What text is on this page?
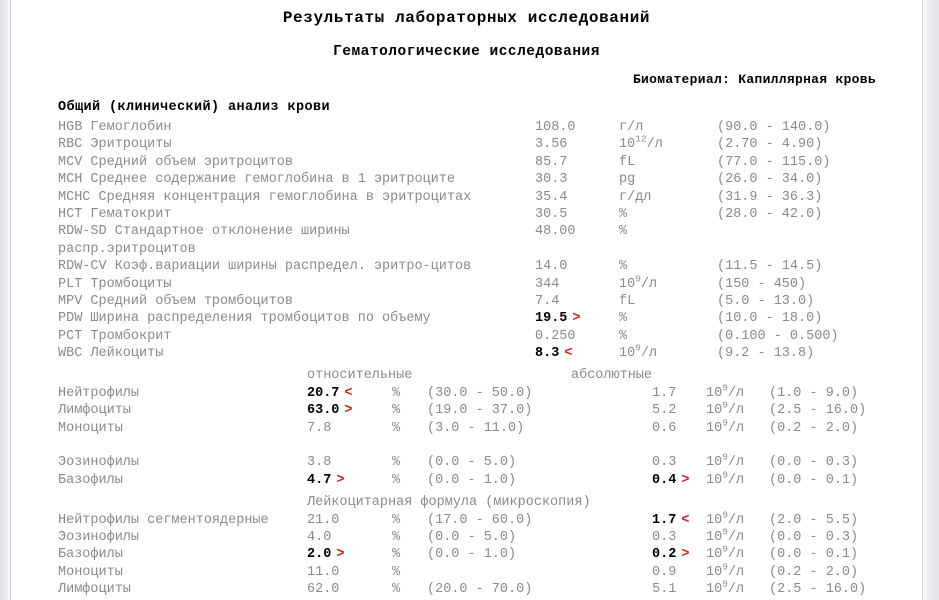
Результаты лабораторных исследований
Гематологические исследования
Биоматериал: Капиллярная кровь
Общий (клинический) анализ крови
HGB Гемоглобин	108.0	г/л	(90.0 - 140.0)
RBC Эритроциты	3.56	$10^{12}/л$	(2.70 - 4.90)
MCV Средний объем эритроцитов	85.7	fL	(77.0 - 115.0)
MCH Среднее содержание гемоглобина в 1 эритроците	30.3	pg	(26.0 - 34.0)
MCHC Средняя концентрация гемоглобина в эритроцитах	35.4	г/дл	(31.9 - 36.3)
HCT Гематокрит	30.5	%	(28.0 - 42.0)
RDW-SD Стандартное отклонение ширины	48.00	%
распр.эритроцитов
RDW-CV Коэф.вариации ширины распредел. эритро-цитов	14.0	%	(11.5 - 14.5)
PLT Тромбоциты	344	$10^9/л$	(150 - 450)
MPV Средний объем тромбоцитов	7.4	fL	(5.0 - 13.0)
PDW Ширина распределения тромбоцитов по объему	19.5 >	%	(10.0 - 18.0)
PCT Тромбокрит	0.250	%	(0.100 - 0.500)
WBC Лейкоциты	8.3 <	$10^9/л$	(9.2 - 13.8)
относительные	абсолютные
Нейтрофилы	20.7 <	% (30.0 - 50.0)	1.7 $10^9/л$ (1.0 - 9.0)
Лимфоциты	63.0 >	% (19.0 - 37.0)	5.2 $10^9/л$ (2.5 - 16.0)
Моноциты	7.8	% (3.0 - 11.0)	0.6 $10^9/л$ (0.2 - 2.0)
Эозинофилы	3.8	% (0.0 - 5.0)	0.3 $10^9/л$ (0.0 - 0.3)
Базофилы	4.7 >	% (0.0 - 1.0)	$0.4 > 10^9/л$ (0.0 - 0.1)
Лейкоцитарная формула (микроскопия)
Нейтрофилы сегментоядерные	21.0	% (17.0 - 60.0)	$1.7 < 10^9/л$ (2.0 - 5.5)
Эозинофилы	4.0	% (0.0 - 5.0)	0.3 $10^9/л$ (0.0 - 0.3)
Базофилы	2.0 >	% (0.0 - 1.0)	$0.2 > 10^9/л$ (0.0 - 0.1)
Моноциты	11.0	%	0.9 $10^9/л$ (0.2 - 2.0)
Лимфоциты	62.0	% (20.0 - 70.0)	5.1 $10^9/л$ (2.5 - 16.0)
